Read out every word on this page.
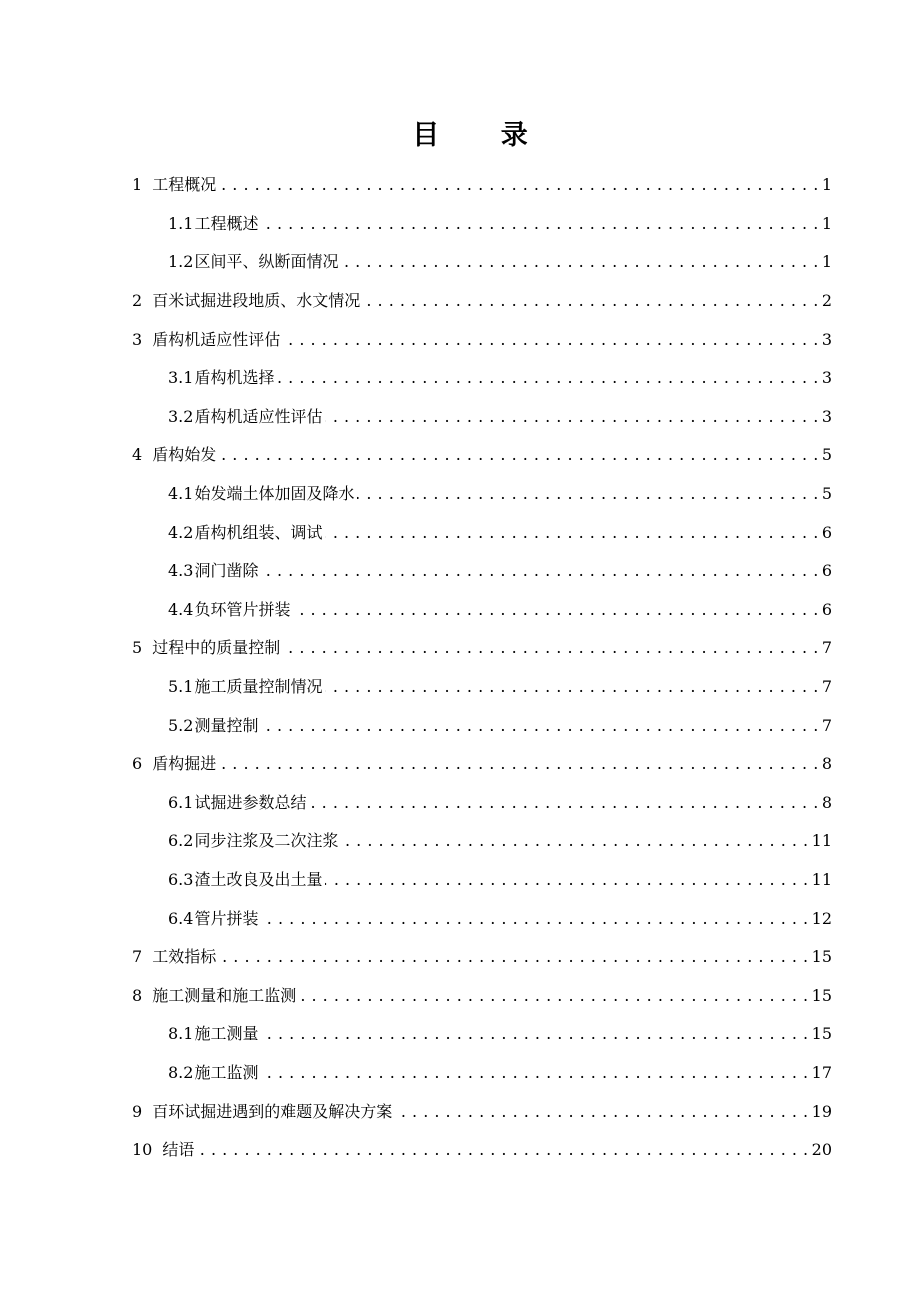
目 录
1 工程概况 . . .	1
1.1 工程概述 . . .	1
1.2 区间平、纵断面情况 . . .	1
2 百米试掘进段地质、水文情况 . . .	2
3 盾构机适应性评估 . . .	3
3.1 盾构机选择 . . .	3
3.2 盾构机适应性评估 . . .	3
4 盾构始发 . . .	5
4.1 始发端土体加固及降水 . . .	5
4.2 盾构机组装、调试 . . .	6
4.3 洞门凿除 . . .	6
4.4 负环管片拼装 . . .	6
5 过程中的质量控制 . . .	7
5.1 施工质量控制情况 . . .	7
5.2 测量控制 . . .	7
6 盾构掘进 . . .	8
6.1 试掘进参数总结 . . .	8
6.2 同步注浆及二次注浆 . . .	11
6.3 渣土改良及出土量 . . .	11
6.4 管片拼装 . . .	12
7 工效指标 . . .	15
8 施工测量和施工监测 . . .	15
8.1 施工测量 . . .	15
8.2 施工监测 . . .	17
9 百环试掘进遇到的难题及解决方案 . . .	19
10 结语 . . .	20
